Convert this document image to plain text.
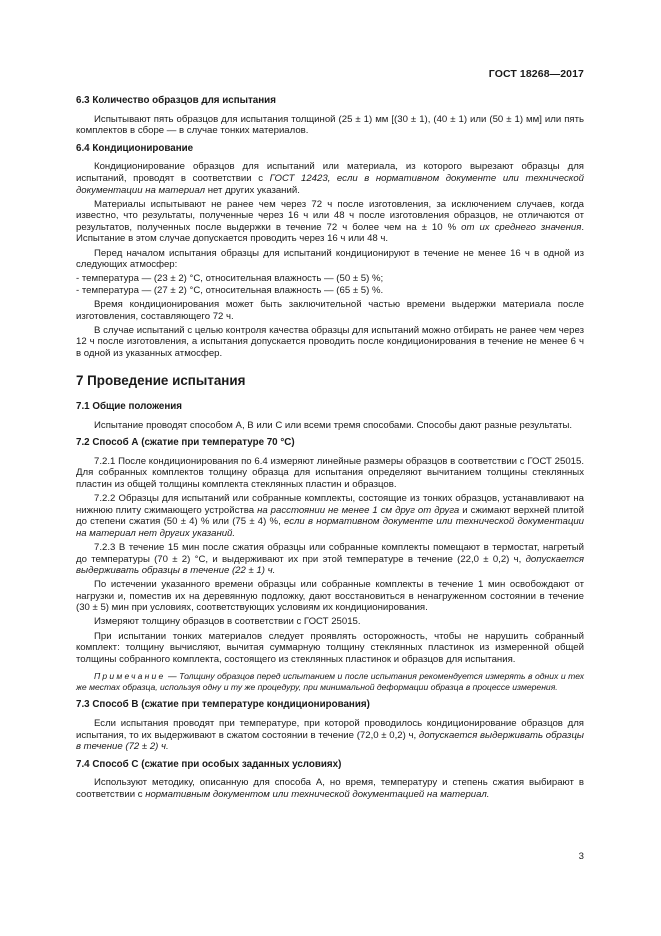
ГОСТ 18268—2017
6.3 Количество образцов для испытания

Испытывают пять образцов для испытания толщиной (25 ± 1) мм [(30 ± 1), (40 ± 1) или (50 ± 1) мм] или пять комплектов в сборе — в случае тонких материалов.

6.4 Кондиционирование

Кондиционирование образцов для испытаний или материала, из которого вырезают образцы для испытаний, проводят в соответствии с ГОСТ 12423, если в нормативном документе или технической документации на материал нет других указаний.

Материалы испытывают не ранее чем через 72 ч после изготовления, за исключением случаев, когда известно, что результаты, полученные через 16 ч или 48 ч после изготовления образцов, не отличаются от результатов, полученных после выдержки в течение 72 ч более чем на ± 10 % от их среднего значения. Испытание в этом случае допускается проводить через 16 ч или 48 ч.

Перед началом испытания образцы для испытаний кондиционируют в течение не менее 16 ч в одной из следующих атмосфер:

- температура — (23 ± 2) °С, относительная влажность — (50 ± 5) %;

- температура — (27 ± 2) °С, относительная влажность — (65 ± 5) %.

Время кондиционирования может быть заключительной частью времени выдержки материала после изготовления, составляющего 72 ч.

В случае испытаний с целью контроля качества образцы для испытаний можно отбирать не ранее чем через 12 ч после изготовления, а испытания допускается проводить после кондиционирования в течение не менее 6 ч в одной из указанных атмосфер.

7 Проведение испытания
7.1 Общие положения

Испытание проводят способом А, В или С или всеми тремя способами. Способы дают разные результаты.

7.2 Способ А (сжатие при температуре 70 °С)

7.2.1 После кондиционирования по 6.4 измеряют линейные размеры образцов в соответствии с ГОСТ 25015. Для собранных комплектов толщину образца для испытания определяют вычитанием толщины стеклянных пластин из общей толщины комплекта стеклянных пластин и образцов.

7.2.2 Образцы для испытаний или собранные комплекты, состоящие из тонких образцов, устанавливают на нижнюю плиту сжимающего устройства на расстоянии не менее 1 см друг от друга и сжимают верхней плитой до степени сжатия (50 ± 4) % или (75 ± 4) %, если в нормативном документе или технической документации на материал нет других указаний.

7.2.3 В течение 15 мин после сжатия образцы или собранные комплекты помещают в термостат, нагретый до температуры (70 ± 2) °С, и выдерживают их при этой температуре в течение (22,0 ± 0,2) ч, допускается выдерживать образцы в течение (22 ± 1) ч.

По истечении указанного времени образцы или собранные комплекты в течение 1 мин освобождают от нагрузки и, поместив их на деревянную подложку, дают восстановиться в ненагруженном состоянии в течение (30 ± 5) мин при условиях, соответствующих условиям их кондиционирования.

Измеряют толщину образцов в соответствии с ГОСТ 25015.

При испытании тонких материалов следует проявлять осторожность, чтобы не нарушить собранный комплект: толщину вычисляют, вычитая суммарную толщину стеклянных пластинок из измеренной общей толщины собранного комплекта, состоящего из стеклянных пластинок и образцов для испытания.

Примечание — Толщину образцов перед испытанием и после испытания рекомендуется измерять в одних и тех же местах образца, используя одну и ту же процедуру, при минимальной деформации образца в процессе измерения.

7.3 Способ В (сжатие при температуре кондиционирования)

Если испытания проводят при температуре, при которой проводилось кондиционирование образцов для испытания, то их выдерживают в сжатом состоянии в течение (72,0 ± 0,2) ч, допускается выдерживать образцы в течение (72 ± 2) ч.

7.4 Способ С (сжатие при особых заданных условиях)

Используют методику, описанную для способа А, но время, температуру и степень сжатия выбирают в соответствии с нормативным документом или технической документацией на материал.

3
